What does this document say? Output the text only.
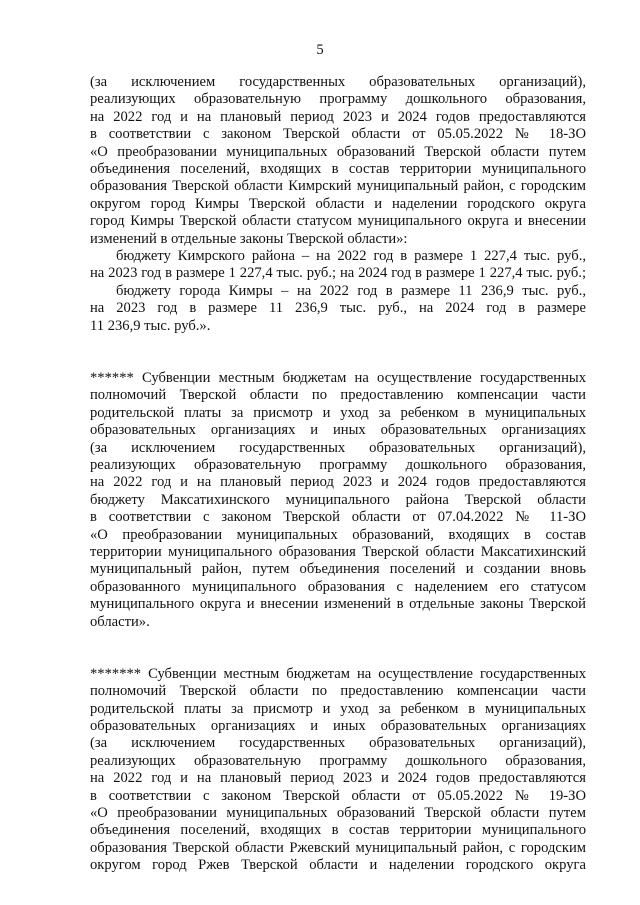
5
(за исключением государственных образовательных организаций),
реализующих образовательную программу дошкольного образования,
на 2022 год и на плановый период 2023 и 2024 годов предоставляются
в соответствии с законом Тверской области от 05.05.2022 № 18-ЗО
«О преобразовании муниципальных образований Тверской области путем
объединения поселений, входящих в состав территории муниципального
образования Тверской области Кимрский муниципальный район, с городским
округом город Кимры Тверской области и наделении городского округа
город Кимры Тверской области статусом муниципального округа и внесении
изменений в отдельные законы Тверской области»:
бюджету Кимрского района – на 2022 год в размере 1 227,4 тыс. руб.,
на 2023 год в размере 1 227,4 тыс. руб.; на 2024 год в размере 1 227,4 тыс. руб.;
бюджету города Кимры – на 2022 год в размере 11 236,9 тыс. руб.,
на 2023 год в размере 11 236,9 тыс. руб., на 2024 год в размере
11 236,9 тыс. руб.».
****** Субвенции местным бюджетам на осуществление государственных
полномочий Тверской области по предоставлению компенсации части
родительской платы за присмотр и уход за ребенком в муниципальных
образовательных организациях и иных образовательных организациях
(за исключением государственных образовательных организаций),
реализующих образовательную программу дошкольного образования,
на 2022 год и на плановый период 2023 и 2024 годов предоставляются
бюджету Максатихинского муниципального района Тверской области
в соответствии с законом Тверской области от 07.04.2022 № 11-ЗО
«О преобразовании муниципальных образований, входящих в состав
территории муниципального образования Тверской области Максатихинский
муниципальный район, путем объединения поселений и создании вновь
образованного муниципального образования с наделением его статусом
муниципального округа и внесении изменений в отдельные законы Тверской
области».
******* Субвенции местным бюджетам на осуществление государственных
полномочий Тверской области по предоставлению компенсации части
родительской платы за присмотр и уход за ребенком в муниципальных
образовательных организациях и иных образовательных организациях
(за исключением государственных образовательных организаций),
реализующих образовательную программу дошкольного образования,
на 2022 год и на плановый период 2023 и 2024 годов предоставляются
в соответствии с законом Тверской области от 05.05.2022 № 19-ЗО
«О преобразовании муниципальных образований Тверской области путем
объединения поселений, входящих в состав территории муниципального
образования Тверской области Ржевский муниципальный район, с городским
округом город Ржев Тверской области и наделении городского округа
